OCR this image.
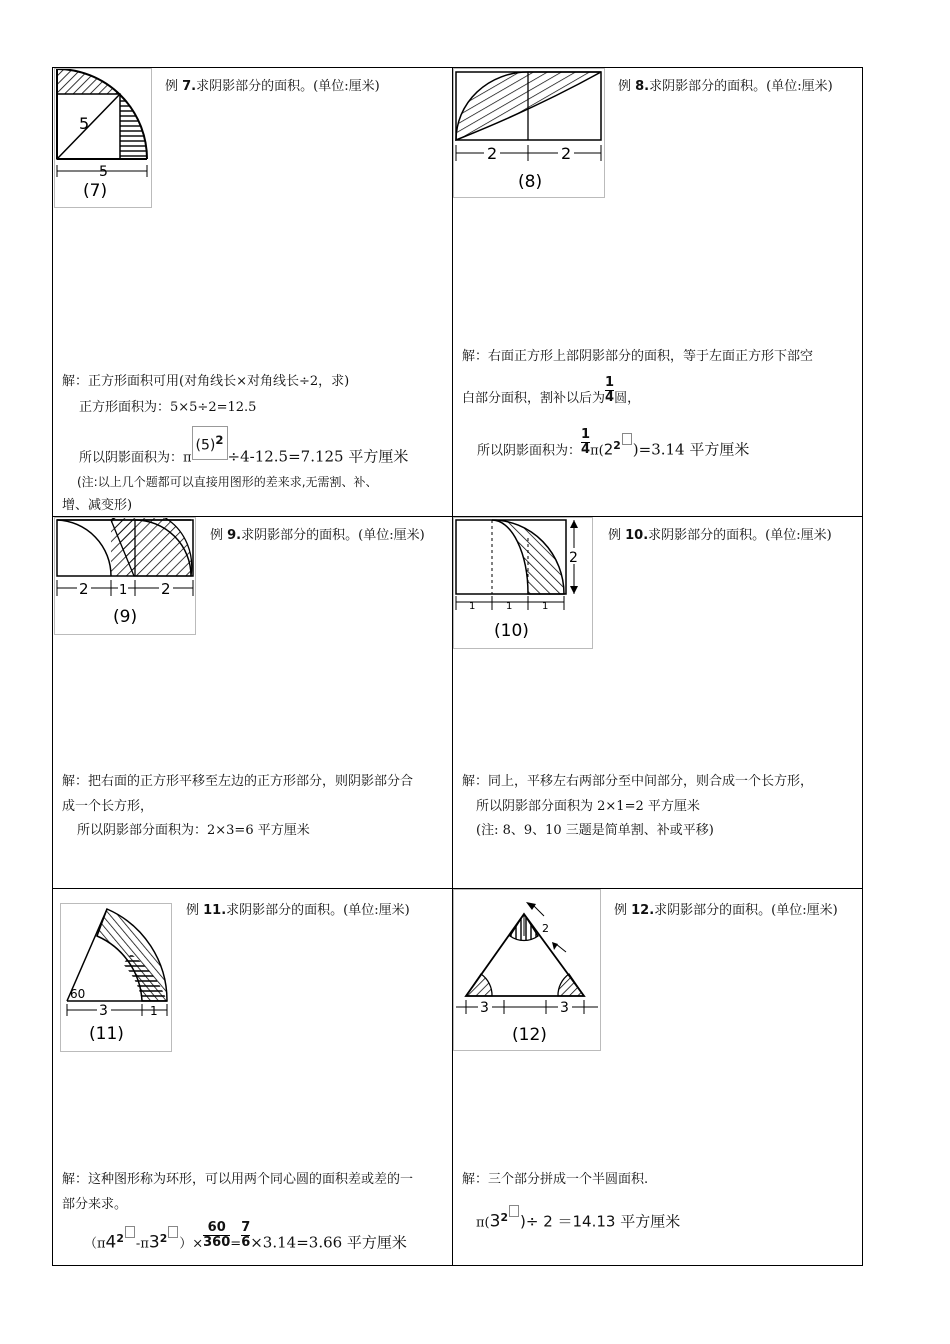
5
5
(7)
例 7.求阴影部分的面积。(单位:厘米)
解：正方形面积可用(对角线长×对角线长÷2，求)
正方形面积为：5×5÷2=12.5
所以阴影面积为：$\pi(5)^2\div 4-12.5=7.125$ 平方厘米
(注:以上几个题都可以直接用图形的差来求,无需割、补、
增、减变形)
2	2
(8)
例 8.求阴影部分的面积。(单位:厘米)
解：右面正方形上部阴影部分的面积，等于左面正方形下部空
白部分面积，割补以后为 $\frac{1}{4}$ 圆，
所以阴影面积为： $\frac{1}{4} \pi(2^2$ )=3.14 平方厘米
2 1 2
(9)
例 9.求阴影部分的面积。(单位:厘米)
解：把右面的正方形平移至左边的正方形部分，则阴影部分合
成一个长方形，
所以阴影部分面积为：2×3=6 平方厘米
2
1	1	1
(10)
例 10.求阴影部分的面积。(单位:厘米)
解：同上，平移左右两部分至中间部分，则合成一个长方形，
所以阴影部分面积为 2×1=2 平方厘米
(注: 8、9、10 三题是简单割、补或平移)
60
3	1
(11)
例 11.求阴影部分的面积。(单位:厘米)
解：这种图形称为环形，可以用两个同心圆的面积差或差的一
部分来求。
（$\pi 4^2$ $-\pi 3^2$ ）× $\frac{60}{360} = \frac{7}{6} \times 3.14=3.66$ 平方厘米
2
3	3
(12)
例 12.求阴影部分的面积。(单位:厘米)
解：三个部分拼成一个半圆面积.
$\pi(3^2$ )÷ 2 ＝14.13 平方厘米
